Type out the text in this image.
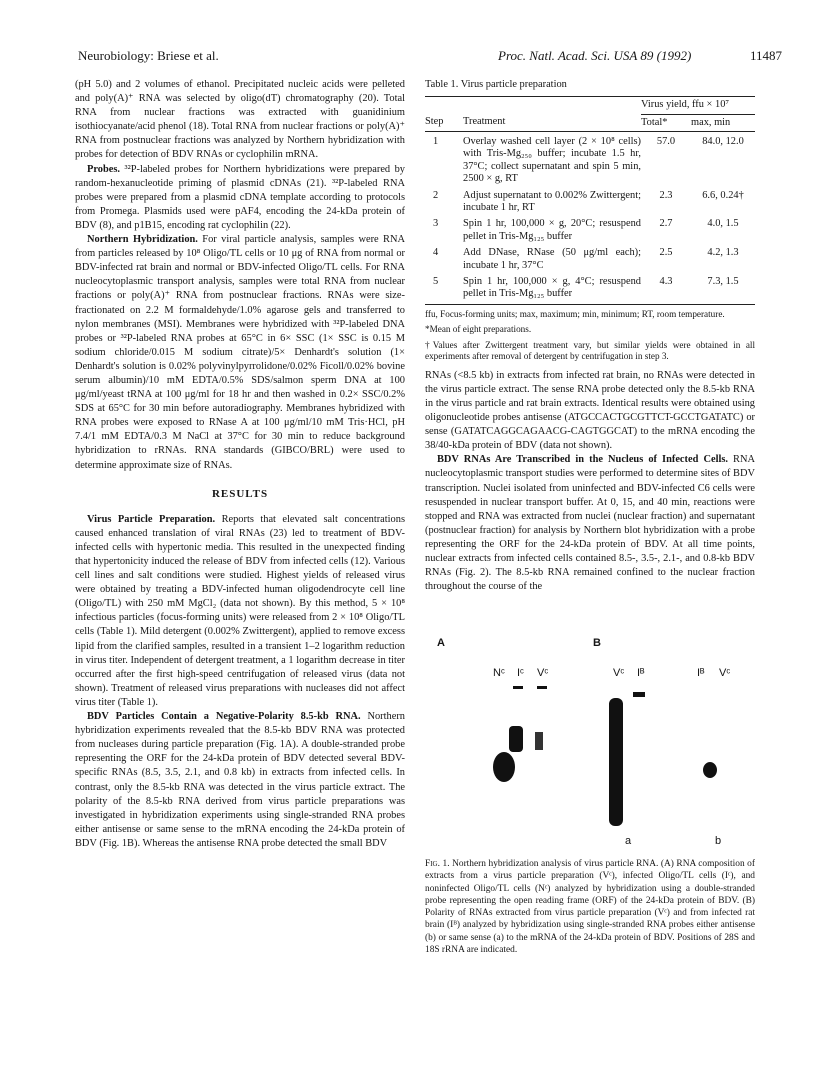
Neurobiology: Briese et al.	Proc. Natl. Acad. Sci. USA 89 (1992)	11487

(pH 5.0) and 2 volumes of ethanol. Precipitated nucleic acids were pelleted and poly(A)⁺ RNA was selected by oligo(dT) chromatography (20). Total RNA from nuclear fractions was extracted with guanidinium isothiocyanate/acid phenol (18). Total RNA from nuclear fractions or poly(A)⁺ RNA from postnuclear fractions was analyzed by Northern hybridization with probes for detection of BDV RNAs or cyclophilin mRNA.

Probes. ³²P-labeled probes for Northern hybridizations were prepared by random-hexanucleotide priming of plasmid cDNAs (21). ³²P-labeled RNA probes were prepared from a plasmid cDNA template according to protocols from Promega. Plasmids used were pAF4, encoding the 24-kDa protein of BDV (8), and p1B15, encoding rat cyclophilin (22).

Northern Hybridization. For viral particle analysis, samples were RNA from particles released by 10⁸ Oligo/TL cells or 10 μg of RNA from normal or BDV-infected rat brain and normal or BDV-infected Oligo/TL cells. For RNA nucleocytoplasmic transport analysis, samples were total RNA from nuclear fractions or poly(A)⁺ RNA from postnuclear fractions. RNAs were size-fractionated on 2.2 M formaldehyde/1.0% agarose gels and transferred to nylon membranes (MSI). Membranes were hybridized with ³²P-labeled DNA probes or ³²P-labeled RNA probes at 65°C in 6× SSC (1× SSC is 0.15 M sodium chloride/0.015 M sodium citrate)/5× Denhardt's solution (1× Denhardt's solution is 0.02% polyvinylpyrrolidone/0.02% Ficoll/0.02% bovine serum albumin)/10 mM EDTA/0.5% SDS/salmon sperm DNA at 100 μg/ml/yeast tRNA at 100 μg/ml for 18 hr and then washed in 0.2× SSC/0.2% SDS at 65°C for 30 min before autoradiography. Membranes hybridized with RNA probes were exposed to RNase A at 100 μg/ml/10 mM Tris·HCl, pH 7.4/1 mM EDTA/0.3 M NaCl at 37°C for 30 min to reduce background hybridization to rRNAs. RNA standards (GIBCO/BRL) were used to determine approximate size of RNAs.

RESULTS

Virus Particle Preparation. Reports that elevated salt concentrations caused enhanced translation of viral RNAs (23) led to treatment of BDV-infected cells with hypertonic media. This resulted in the unexpected finding that hypertonicity induced the release of BDV from infected cells (12). Various cell lines and salt conditions were studied. Highest yields of released virus were obtained by treating a BDV-infected human oligodendrocyte cell line (Oligo/TL) with 250 mM MgCl₂ (data not shown). By this method, 5 × 10⁸ infectious particles (focus-forming units) were released from 2 × 10⁸ Oligo/TL cells (Table 1). Mild detergent (0.002% Zwittergent), applied to remove excess lipid from the clarified samples, resulted in a transient 1–2 logarithm reduction in virus titer. Independent of detergent treatment, a 1 logarithm decrease in titer occurred after the first high-speed centrifugation of released virus (data not shown). Treatment of released virus preparations with nucleases did not affect virus titer (Table 1).

BDV Particles Contain a Negative-Polarity 8.5-kb RNA. Northern hybridization experiments revealed that the 8.5-kb BDV RNA was protected from nucleases during particle preparation (Fig. 1A). A double-stranded probe representing the ORF for the 24-kDa protein of BDV detected several BDV-specific RNAs (8.5, 3.5, 2.1, and 0.8 kb) in extracts from infected cells. In contrast, only the 8.5-kb RNA was detected in the virus particle extract. The polarity of the 8.5-kb RNA derived from virus particle preparations was investigated in hybridization experiments using single-stranded RNA probes either antisense or same sense to the mRNA encoding the 24-kDa protein of BDV (Fig. 1B). Whereas the antisense RNA probe detected the small BDV

Table 1. Virus particle preparation
		Virus yield, ffu × 10⁷	
Step	Treatment	Total*	max, min
1	Overlay washed cell layer (2 × 10⁸ cells) with Tris-Mg₂₅₀ buffer; incubate 1.5 hr, 37°C; collect supernatant and spin 5 min, 2500 × g, RT	57.0	84.0, 12.0
2	Adjust supernatant to 0.002% Zwittergent; incubate 1 hr, RT	2.3	6.6, 0.24†
3	Spin 1 hr, 100,000 × g, 20°C; resuspend pellet in Tris-Mg₁₂₅ buffer	2.7	4.0, 1.5
4	Add DNase, RNase (50 μg/ml each); incubate 1 hr, 37°C	2.5	4.2, 1.3
5	Spin 1 hr, 100,000 × g, 4°C; resuspend pellet in Tris-Mg₁₂₅ buffer	4.3	7.3, 1.5
ffu, Focus-forming units; max, maximum; min, minimum; RT, room temperature.
*Mean of eight preparations.
†Values after Zwittergent treatment vary, but similar yields were obtained in all experiments after removal of detergent by centrifugation in step 3.

RNAs (<8.5 kb) in extracts from infected rat brain, no RNAs were detected in the virus particle extract. The sense RNA probe detected only the 8.5-kb RNA in the virus particle and rat brain extracts. Identical results were obtained using oligonucleotide probes antisense (ATGCCACTGCGTTCT-GCCTGATATC) or sense (GATATCAGGCAGAACG-CAGTGGCAT) to the mRNA encoding the 38/40-kDa protein of BDV (data not shown).

BDV RNAs Are Transcribed in the Nucleus of Infected Cells. RNA nucleocytoplasmic transport studies were performed to determine sites of BDV transcription. Nuclei isolated from uninfected and BDV-infected C6 cells were resuspended in nuclear transport buffer. At 0, 15, and 40 min, reactions were stopped and RNA was extracted from nuclei (nuclear fraction) and supernatant (postnuclear fraction) for analysis by Northern blot hybridization with a probe representing the ORF for the 24-kDa protein of BDV. At all time points, nuclear extracts from infected cells contained 8.5-, 3.5-, 2.1-, and 0.8-kb BDV RNAs (Fig. 2). The 8.5-kb RNA remained confined to the nuclear fraction throughout the course of the

A	B
Nᶜ Iᶜ Vᶜ	Vᶜ Iᴮ	Iᴮ Vᶜ
a	b

Fig. 1. Northern hybridization analysis of virus particle RNA. (A) RNA composition of extracts from a virus particle preparation (Vᶜ), infected Oligo/TL cells (Iᶜ), and noninfected Oligo/TL cells (Nᶜ) analyzed by hybridization using a double-stranded probe representing the open reading frame (ORF) of the 24-kDa protein of BDV. (B) Polarity of RNAs extracted from virus particle preparation (Vᶜ) and from infected rat brain (Iᴮ) analyzed by hybridization using single-stranded RNA probes either antisense (b) or same sense (a) to the mRNA of the 24-kDa protein of BDV. Positions of 28S and 18S rRNA are indicated.
